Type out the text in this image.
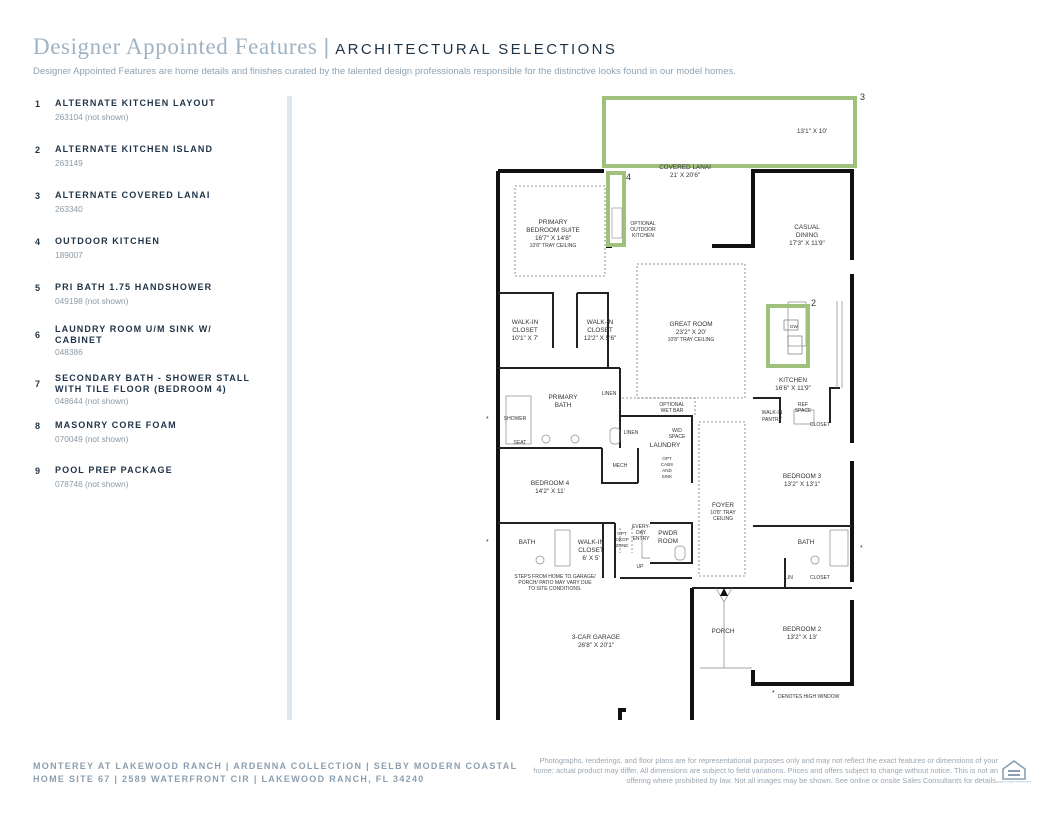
Designer Appointed Features | ARCHITECTURAL SELECTIONS
Designer Appointed Features are home details and finishes curated by the talented design professionals responsible for the distinctive looks found in our model homes.
1 ALTERNATE KITCHEN LAYOUT
263104 (not shown)
2 ALTERNATE KITCHEN ISLAND
263149
3 ALTERNATE COVERED LANAI
263340
4 OUTDOOR KITCHEN
189007
5 PRI BATH 1.75 HANDSHOWER
049198 (not shown)
6
LAUNDRY ROOM U/M SINK W/ CABINET
048386
7
SECONDARY BATH - SHOWER STALL WITH TILE FLOOR (BEDROOM 4)
048644 (not shown)
8 MASONRY CORE FOAM
070049 (not shown)
9 POOL PREP PACKAGE
078746 (not shown)
3
4
2
13'1" X 10'
COVERED LANAI
21' X 20'6"
OPTIONAL
OUTDOOR
KITCHEN
PRIMARY
BEDROOM SUITE
16'7" X 14'8"
10'8" TRAY CEILING
CASUAL
DINING
17'3" X 11'9"
WALK-IN
CLOSET
10'1" X 7'
WALK-IN
CLOSET
12'2" X 5'6"
GREAT ROOM
23'2" X 20'
10'8" TRAY CEILING
DW
KITCHEN
16'6" X 11'9"
PRIMARY
BATH
LINEN
LINEN
OPTIONAL
WET BAR	WALK-IN
PANTRY
REF
SPACE
CLOSET
SHOWER
SEAT
W/D
SPACE
LAUNDRY
OPT
CABS
AND
SINK
MECH
BEDROOM 4
14'2" X 11'
FOYER
10'8" TRAY
CEILING
BEDROOM 3
13'2" X 13'1"
BATH	WALK-IN
CLOSET
6' X 5'
OPT
DROP
ZONE
EVERY-
DAY
ENTRY
PWDR
ROOM	BATH
LIN	CLOSET
UP
STEPS FROM HOME TO GARAGE/
PORCH/ PATIO MAY VARY DUE
TO SITE CONDITIONS.
3-CAR GARAGE
26'8" X 20'1"
PORCH	BEDROOM 2
13'2" X 13'
*
*
*
* DENOTES HIGH WINDOW
MONTEREY AT LAKEWOOD RANCH | ARDENNA COLLECTION | SELBY MODERN COASTAL
HOME SITE 67 | 2589 WATERFRONT CIR | LAKEWOOD RANCH, FL 34240
Photographs, renderings, and floor plans are for representational purposes only and may not reflect the exact features or dimensions of your home; actual product may differ. All dimensions are subject to field variations. Prices and offers subject to change without notice. This is not an offering where prohibited by law. Not all images may be shown. See online or onsite Sales Consultants for details.
EQUAL HOUSING OPPORTUNITY
